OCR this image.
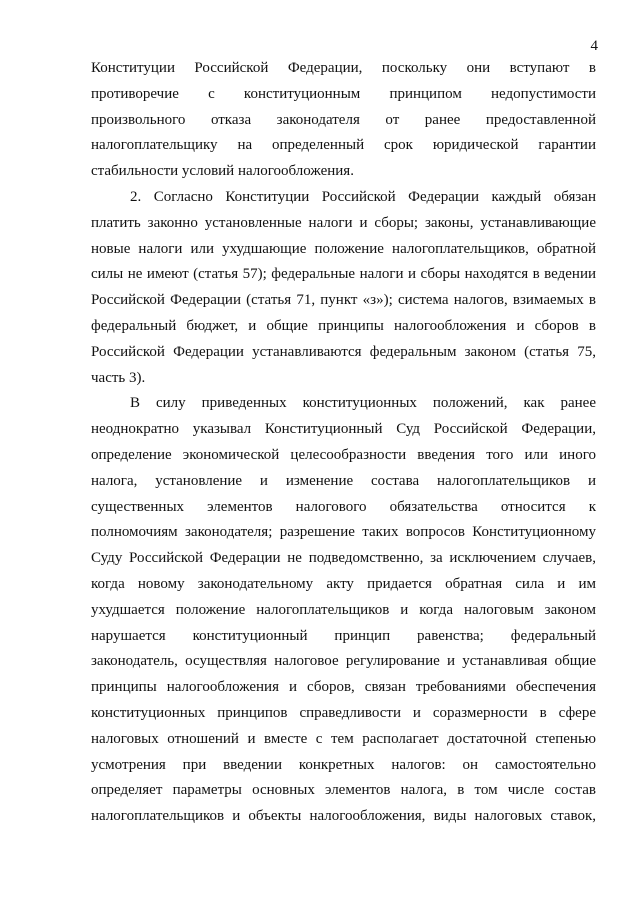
4
Конституции Российской Федерации, поскольку они вступают в
противоречие с конституционным принципом недопустимости
произвольного отказа законодателя от ранее предоставленной
налогоплательщику на определенный срок юридической гарантии
стабильности условий налогообложения.
2. Согласно Конституции Российской Федерации каждый обязан
платить законно установленные налоги и сборы; законы, устанавливающие
новые налоги или ухудшающие положение налогоплательщиков, обратной
силы не имеют (статья 57); федеральные налоги и сборы находятся в ведении
Российской Федерации (статья 71, пункт «з»); система налогов, взимаемых в
федеральный бюджет, и общие принципы налогообложения и сборов в
Российской Федерации устанавливаются федеральным законом (статья 75,
часть 3).
В силу приведенных конституционных положений, как ранее
неоднократно указывал Конституционный Суд Российской Федерации,
определение экономической целесообразности введения того или иного
налога, установление и изменение состава налогоплательщиков и
существенных элементов налогового обязательства относится к
полномочиям законодателя; разрешение таких вопросов Конституционному
Суду Российской Федерации не подведомственно, за исключением случаев,
когда новому законодательному акту придается обратная сила и им
ухудшается положение налогоплательщиков и когда налоговым законом
нарушается конституционный принцип равенства; федеральный
законодатель, осуществляя налоговое регулирование и устанавливая общие
принципы налогообложения и сборов, связан требованиями обеспечения
конституционных принципов справедливости и соразмерности в сфере
налоговых отношений и вместе с тем располагает достаточной степенью
усмотрения при введении конкретных налогов: он самостоятельно
определяет параметры основных элементов налога, в том числе состав
налогоплательщиков и объекты налогообложения, виды налоговых ставок,
